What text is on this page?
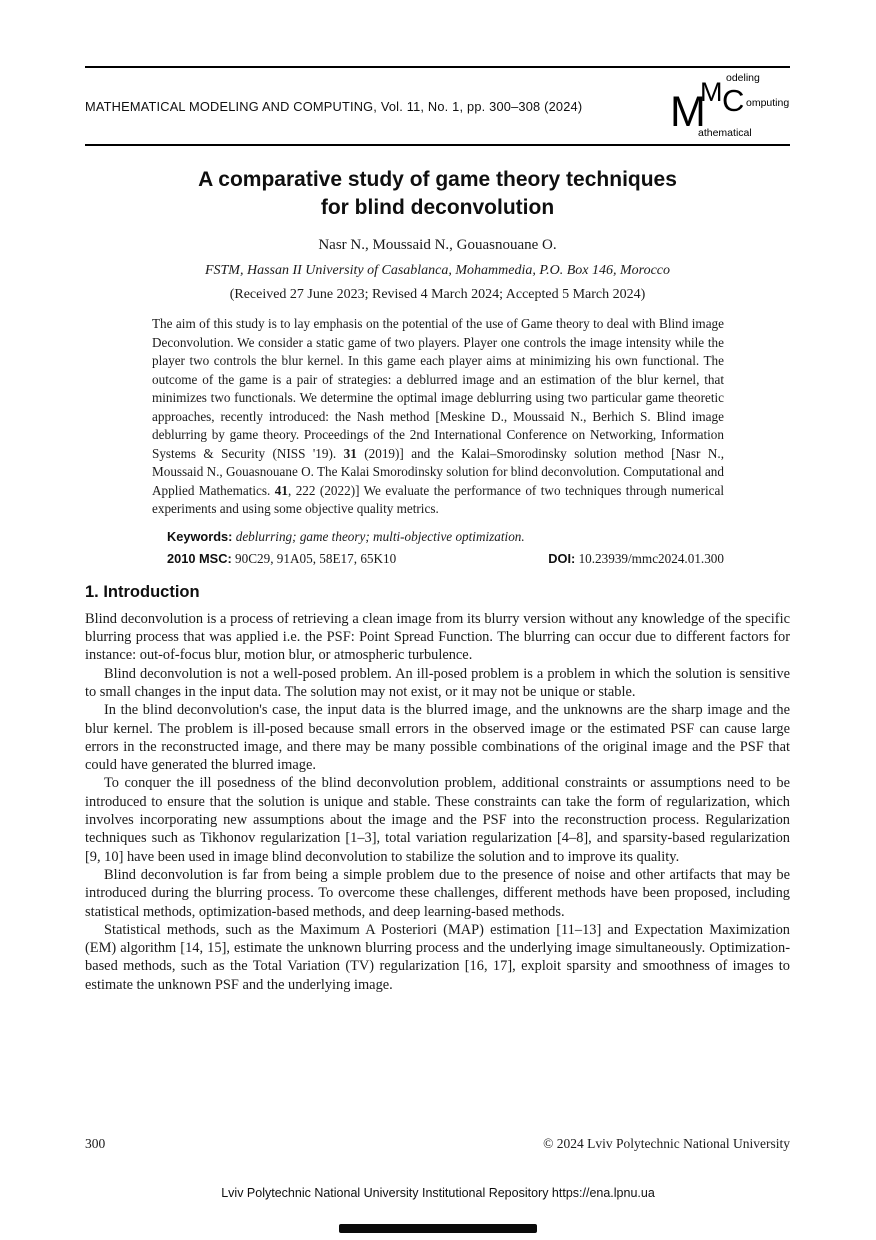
MATHEMATICAL MODELING AND COMPUTING, Vol. 11, No. 1, pp. 300–308 (2024)
odeling
M C omputing
M
athematical
A comparative study of game theory techniques
for blind deconvolution
Nasr N., Moussaid N., Gouasnouane O.
FSTM, Hassan II University of Casablanca, Mohammedia, P.O. Box 146, Morocco
(Received 27 June 2023; Revised 4 March 2024; Accepted 5 March 2024)
The aim of this study is to lay emphasis on the potential of the use of Game theory to deal with Blind image Deconvolution. We consider a static game of two players. Player one controls the image intensity while the player two controls the blur kernel. In this game each player aims at minimizing his own functional. The outcome of the game is a pair of strategies: a deblurred image and an estimation of the blur kernel, that minimizes two functionals. We determine the optimal image deblurring using two particular game theoretic approaches, recently introduced: the Nash method [Meskine D., Moussaid N., Berhich S. Blind image deblurring by game theory. Proceedings of the 2nd International Conference on Networking, Information Systems & Security (NISS '19). 31 (2019)] and the Kalai–Smorodinsky solution method [Nasr N., Moussaid N., Gouasnouane O. The Kalai Smorodinsky solution for blind deconvolution. Computational and Applied Mathematics. 41, 222 (2022)] We evaluate the performance of two techniques through numerical experiments and using some objective quality metrics.
Keywords: deblurring; game theory; multi-objective optimization.
2010 MSC: 90C29, 91A05, 58E17, 65K10	DOI: 10.23939/mmc2024.01.300
1. Introduction

Blind deconvolution is a process of retrieving a clean image from its blurry version without any knowledge of the specific blurring process that was applied i.e. the PSF: Point Spread Function. The blurring can occur due to different factors for instance: out-of-focus blur, motion blur, or atmospheric turbulence.

Blind deconvolution is not a well-posed problem. An ill-posed problem is a problem in which the solution is sensitive to small changes in the input data. The solution may not exist, or it may not be unique or stable.

In the blind deconvolution's case, the input data is the blurred image, and the unknowns are the sharp image and the blur kernel. The problem is ill-posed because small errors in the observed image or the estimated PSF can cause large errors in the reconstructed image, and there may be many possible combinations of the original image and the PSF that could have generated the blurred image.

To conquer the ill posedness of the blind deconvolution problem, additional constraints or assumptions need to be introduced to ensure that the solution is unique and stable. These constraints can take the form of regularization, which involves incorporating new assumptions about the image and the PSF into the reconstruction process. Regularization techniques such as Tikhonov regularization [1–3], total variation regularization [4–8], and sparsity-based regularization [9, 10] have been used in image blind deconvolution to stabilize the solution and to improve its quality.

Blind deconvolution is far from being a simple problem due to the presence of noise and other artifacts that may be introduced during the blurring process. To overcome these challenges, different methods have been proposed, including statistical methods, optimization-based methods, and deep learning-based methods.

Statistical methods, such as the Maximum A Posteriori (MAP) estimation [11–13] and Expectation Maximization (EM) algorithm [14, 15], estimate the unknown blurring process and the underlying image simultaneously. Optimization-based methods, such as the Total Variation (TV) regularization [16, 17], exploit sparsity and smoothness of images to estimate the unknown PSF and the underlying image.

300	© 2024 Lviv Polytechnic National University
Lviv Polytechnic National University Institutional Repository https://ena.lpnu.ua
